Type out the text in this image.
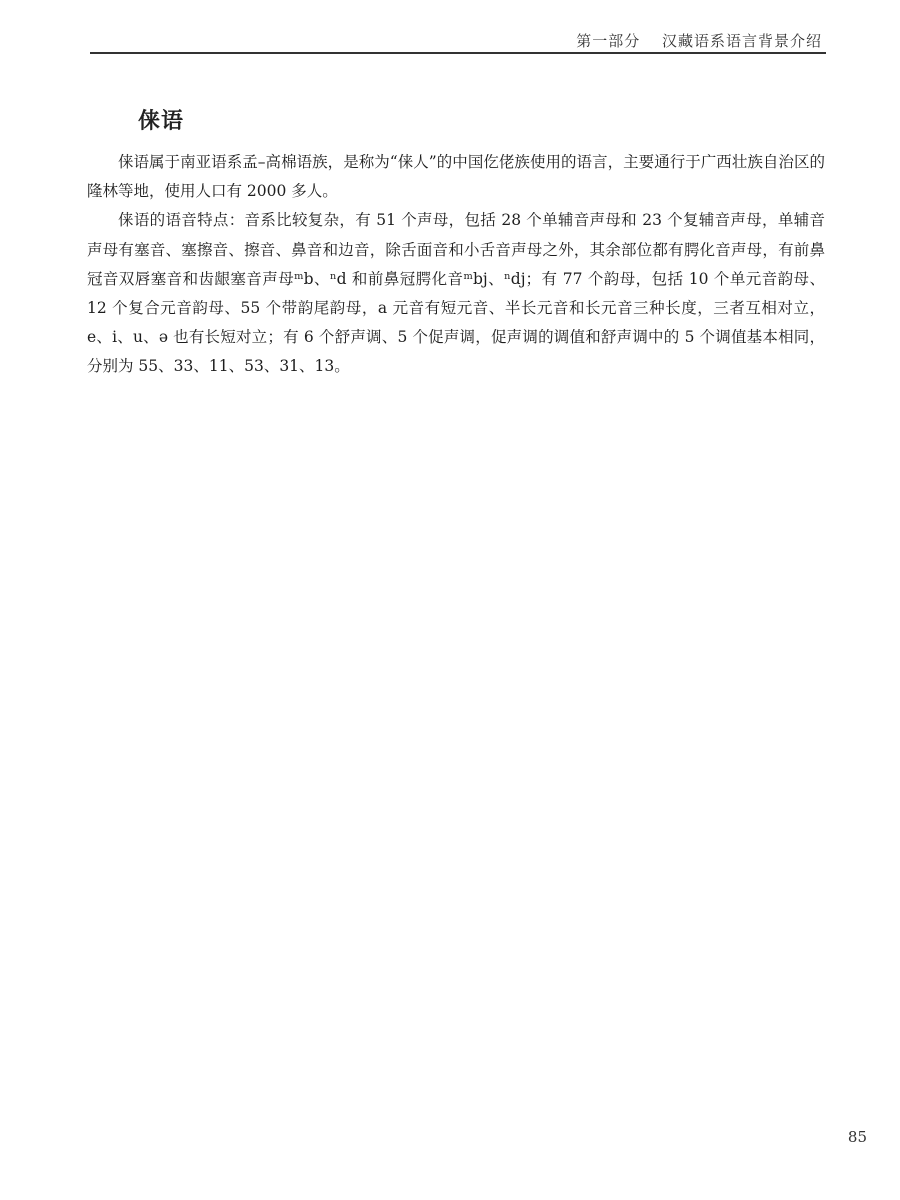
第一部分 汉藏语系语言背景介绍
俫语

俫语属于南亚语系孟–高棉语族，是称为“俫人”的中国仡佬族使用的语言，主要通行于广西壮族自治区的隆林等地，使用人口有 2000 多人。

俫语的语音特点：音系比较复杂，有 51 个声母，包括 28 个单辅音声母和 23 个复辅音声母，单辅音声母有塞音、塞擦音、擦音、鼻音和边音，除舌面音和小舌音声母之外，其余部位都有腭化音声母，有前鼻冠音双唇塞音和齿龈塞音声母ᵐb、ⁿd 和前鼻冠腭化音ᵐbj、ⁿdj；有 77 个韵母，包括 10 个单元音韵母、12 个复合元音韵母、55 个带韵尾韵母，a 元音有短元音、半长元音和长元音三种长度，三者互相对立，e、i、u、ə 也有长短对立；有 6 个舒声调、5 个促声调，促声调的调值和舒声调中的 5 个调值基本相同，分别为 55、33、11、53、31、13。

85
